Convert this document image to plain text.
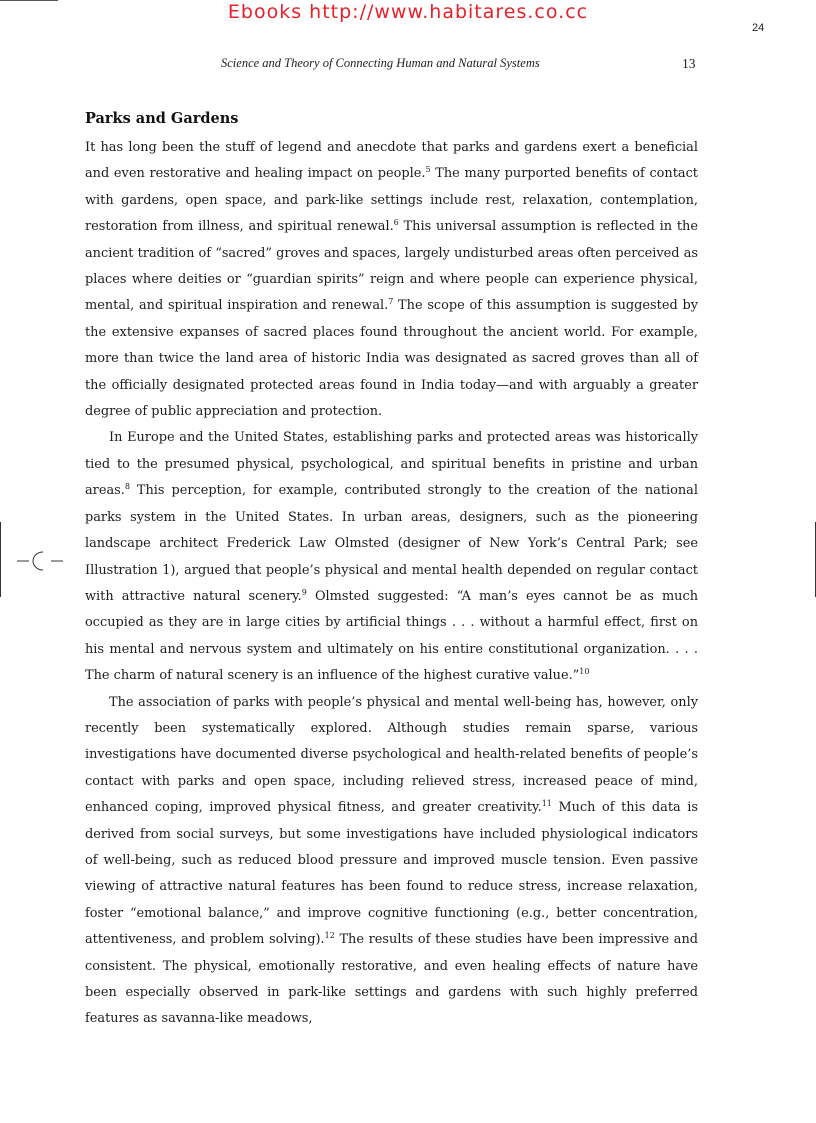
Ebooks http://www.habitares.co.cc
24
Science and Theory of Connecting Human and Natural Systems	13
Parks and Gardens

It has long been the stuff of legend and anecdote that parks and gardens exert a beneficial and even restorative and healing impact on people.$^5$ The many purported benefits of contact with gardens, open space, and park-like settings include rest, relaxation, contemplation, restoration from illness, and spiritual renewal.$^6$ This universal assumption is reflected in the ancient tradition of “sacred” groves and spaces, largely undisturbed areas often perceived as places where deities or “guardian spirits” reign and where people can experience physical, mental, and spiritual inspiration and renewal.$^7$ The scope of this assumption is suggested by the extensive expanses of sacred places found throughout the ancient world. For example, more than twice the land area of historic India was designated as sacred groves than all of the officially designated protected areas found in India today—and with arguably a greater degree of public appreciation and protection.

In Europe and the United States, establishing parks and protected areas was historically tied to the presumed physical, psychological, and spiritual benefits in pristine and urban areas.$^8$ This perception, for example, contributed strongly to the creation of the national parks system in the United States. In urban areas, designers, such as the pioneering landscape architect Frederick Law Olmsted (designer of New York’s Central Park; see Illustration 1), argued that people’s physical and mental health depended on regular contact with attractive natural scenery.$^9$ Olmsted suggested: “A man’s eyes cannot be as much occupied as they are in large cities by artificial things . . . without a harmful effect, first on his mental and nervous system and ultimately on his entire constitutional organization. . . . The charm of natural scenery is an influence of the highest curative value.”$^{10}$

The association of parks with people’s physical and mental well-being has, however, only recently been systematically explored. Although studies remain sparse, various investigations have documented diverse psychological and health-related benefits of people’s contact with parks and open space, including relieved stress, increased peace of mind, enhanced coping, improved physical fitness, and greater creativity.$^{11}$ Much of this data is derived from social surveys, but some investigations have included physiological indicators of well-being, such as reduced blood pressure and improved muscle tension. Even passive viewing of attractive natural features has been found to reduce stress, increase relaxation, foster “emotional balance,” and improve cognitive functioning (e.g., better concentration, attentiveness, and problem solving).$^{12}$ The results of these studies have been impressive and consistent. The physical, emotionally restorative, and even healing effects of nature have been especially observed in park-like settings and gardens with such highly preferred features as savanna-like meadows,
